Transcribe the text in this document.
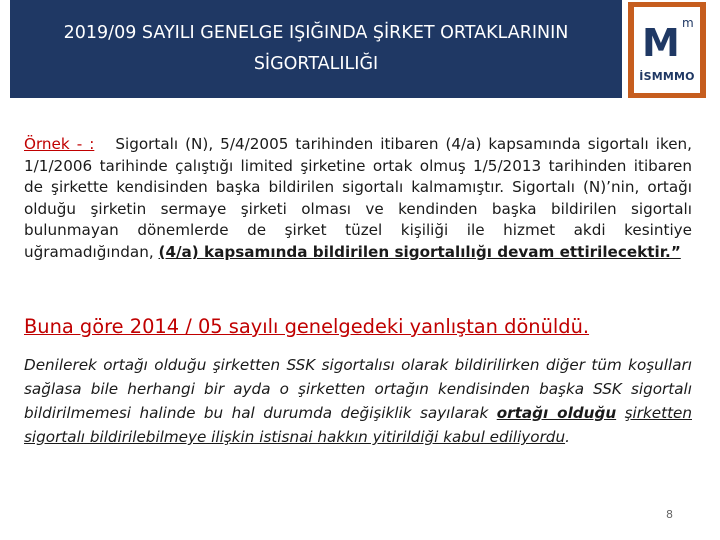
2019/09 SAYILI GENELGE IŞIĞINDA ŞİRKET ORTAKLARININ
SİGORTALILIĞI	M m
İSMMMO

Örnek - : Sigortalı (N), 5/4/2005 tarihinden itibaren (4/a) kapsamında sigortalı iken, 1/1/2006 tarihinde çalıştığı limited şirketine ortak olmuş 1/5/2013 tarihinden itibaren de şirkette kendisinden başka bildirilen sigortalı kalmamıştır. Sigortalı (N)’nin, ortağı olduğu şirketin sermaye şirketi olması ve kendinden başka bildirilen sigortalı bulunmayan dönemlerde de şirket tüzel kişiliği ile hizmet akdi kesintiye uğramadığından, (4/a) kapsamında bildirilen sigortalılığı devam ettirilecektir.”

Buna göre 2014 / 05 sayılı genelgedeki yanlıştan dönüldü.

Denilerek ortağı olduğu şirketten SSK sigortalısı olarak bildirilirken diğer tüm koşulları sağlasa bile herhangi bir ayda o şirketten ortağın kendisinden başka SSK sigortalı bildirilmemesi halinde bu hal durumda değişiklik sayılarak ortağı olduğu şirketten sigortalı bildirilebilmeye ilişkin istisnai hakkın yitirildiği kabul ediliyordu.

8
